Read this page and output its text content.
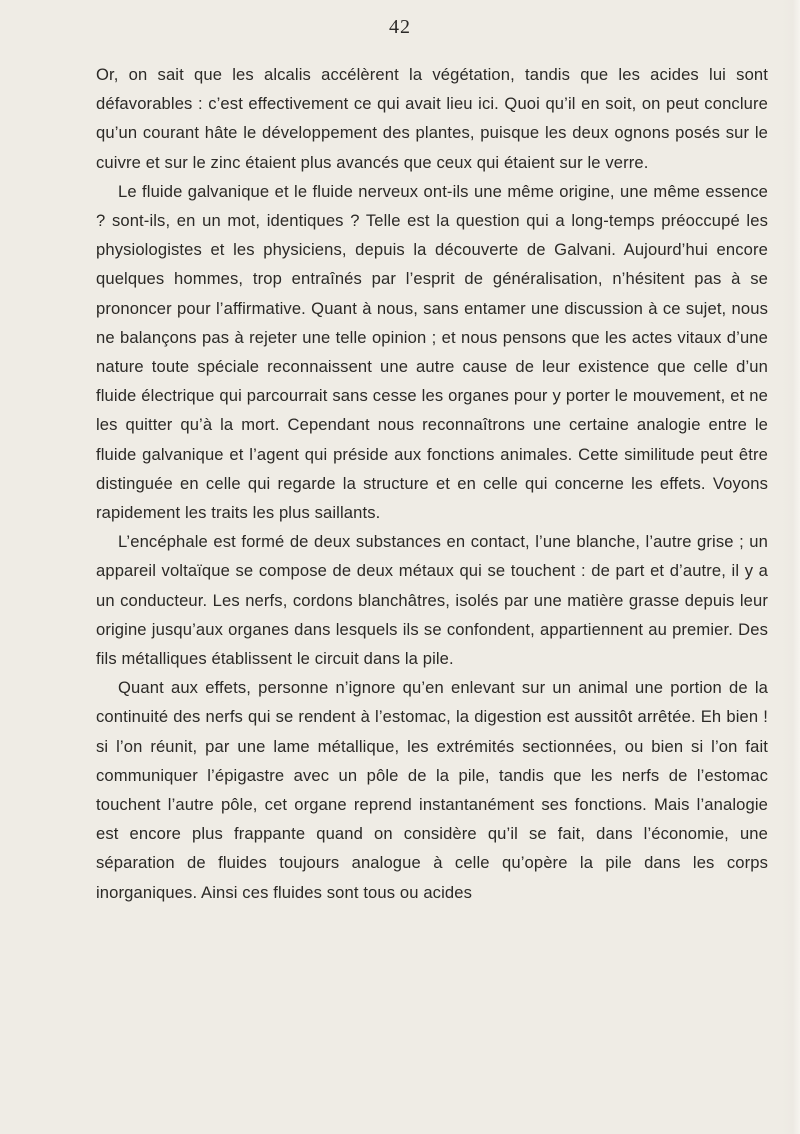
42

Or, on sait que les alcalis accélèrent la végétation, tandis que les acides lui sont défavorables : c’est effectivement ce qui avait lieu ici. Quoi qu’il en soit, on peut conclure qu’un courant hâte le développement des plantes, puisque les deux ognons posés sur le cuivre et sur le zinc étaient plus avancés que ceux qui étaient sur le verre.

Le fluide galvanique et le fluide nerveux ont-ils une même origine, une même essence ? sont-ils, en un mot, identiques ? Telle est la question qui a long-temps préoccupé les physiologistes et les physiciens, depuis la découverte de Galvani. Aujourd’hui encore quelques hommes, trop entraînés par l’esprit de généralisation, n’hésitent pas à se prononcer pour l’affirmative. Quant à nous, sans entamer une discussion à ce sujet, nous ne balançons pas à rejeter une telle opinion ; et nous pensons que les actes vitaux d’une nature toute spéciale reconnaissent une autre cause de leur existence que celle d’un fluide électrique qui parcourrait sans cesse les organes pour y porter le mouvement, et ne les quitter qu’à la mort. Cependant nous reconnaîtrons une certaine analogie entre le fluide galvanique et l’agent qui préside aux fonctions animales. Cette similitude peut être distinguée en celle qui regarde la structure et en celle qui concerne les effets. Voyons rapidement les traits les plus saillants.

L’encéphale est formé de deux substances en contact, l’une blanche, l’autre grise ; un appareil voltaïque se compose de deux métaux qui se touchent : de part et d’autre, il y a un conducteur. Les nerfs, cordons blanchâtres, isolés par une matière grasse depuis leur origine jusqu’aux organes dans lesquels ils se confondent, appartiennent au premier. Des fils métalliques établissent le circuit dans la pile.

Quant aux effets, personne n’ignore qu’en enlevant sur un animal une portion de la continuité des nerfs qui se rendent à l’estomac, la digestion est aussitôt arrêtée. Eh bien ! si l’on réunit, par une lame métallique, les extrémités sectionnées, ou bien si l’on fait communiquer l’épigastre avec un pôle de la pile, tandis que les nerfs de l’estomac touchent l’autre pôle, cet organe reprend instantanément ses fonctions. Mais l’analogie est encore plus frappante quand on considère qu’il se fait, dans l’économie, une séparation de fluides toujours analogue à celle qu’opère la pile dans les corps inorganiques. Ainsi ces fluides sont tous ou acides
